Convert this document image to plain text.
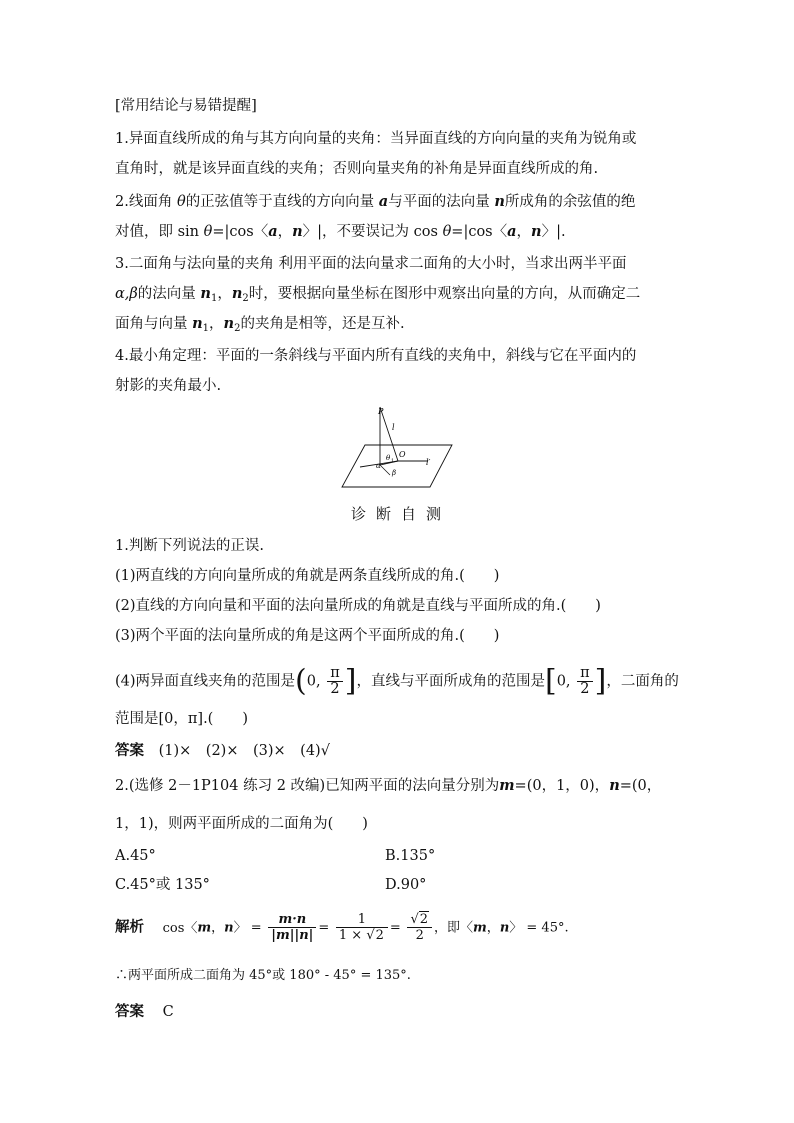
[常用结论与易错提醒]
1.异面直线所成的角与其方向向量的夹角：当异面直线的方向向量的夹角为锐角或
直角时，就是该异面直线的夹角；否则向量夹角的补角是异面直线所成的角.
2.线面角 θ的正弦值等于直线的方向向量 a与平面的法向量 n所成角的余弦值的绝
对值，即 sin θ=|cos〈a，n〉|，不要误记为 cos θ=|cos〈a，n〉|.
3.二面角与法向量的夹角 利用平面的法向量求二面角的大小时，当求出两半平面
α,β的法向量 $n_1$，$n_2$时，要根据向量坐标在图形中观察出向量的方向，从而确定二
面角与向量 $n_1$，$n_2$的夹角是相等，还是互补.
4.最小角定理：平面的一条斜线与平面内所有直线的夹角中，斜线与它在平面内的
射影的夹角最小.
P
l
O
l′
θ 1
α
β
诊断自测
1.判断下列说法的正误.
(1)两直线的方向向量所成的角就是两条直线所成的角.(　　)
(2)直线的方向向量和平面的法向量所成的角就是直线与平面所成的角.(　　)
(3)两个平面的法向量所成的角是这两个平面所成的角.(　　)
(4)两异面直线夹角的范围是(0, $\frac{\pi}{2}$ ]，直线与平面所成角的范围是[0, $\frac{\pi}{2}$ ]，二面角的
范围是[0，π].(　　)
答案 (1)×　(2)×　(3)×　(4)√
2.(选修 2－1P104 练习 2 改编)已知两平面的法向量分别为m=(0，1，0)，n=(0，
1，1)，则两平面所成的二面角为(　　)
A.45°	B.135°
C.45°或 135°	D.90°
解析 cos〈m，n〉 = $\frac{m\cdot n}{|m||n|} = \frac{1}{1 \times √2} = \frac{√2}{2}$ ，即〈m，n〉 = 45°.
∴两平面所成二面角为 45°或 180° - 45° = 135°.
答案 C
